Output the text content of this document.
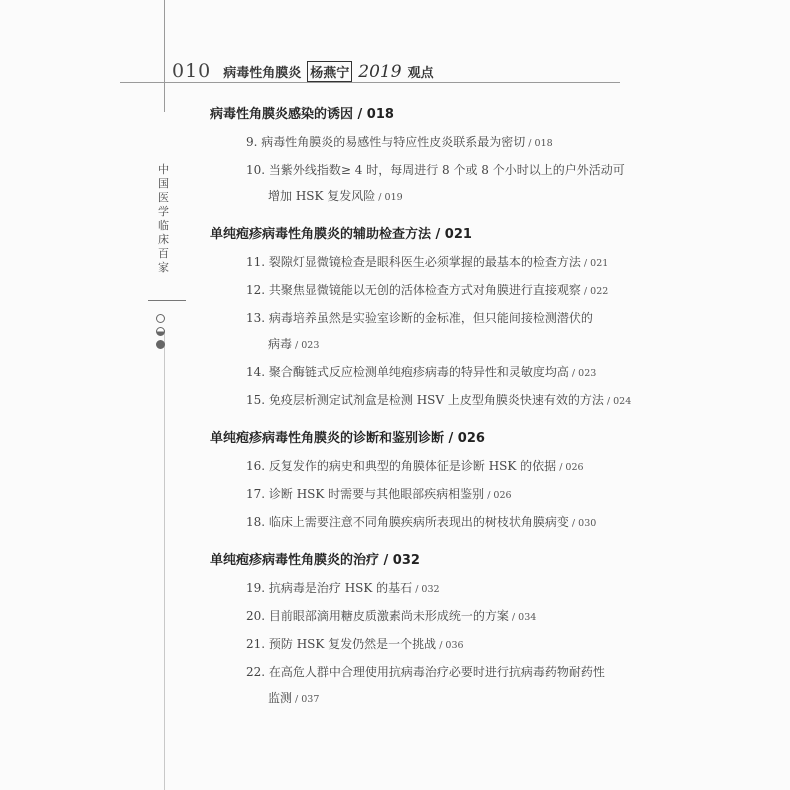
010 病毒性角膜炎 杨燕宁 2019 观点
中国医学临床百家
病毒性角膜炎感染的诱因 / 018
9. 病毒性角膜炎的易感性与特应性皮炎联系最为密切 / 018
10. 当紫外线指数≥ 4 时，每周进行 8 个或 8 个小时以上的户外活动可
增加 HSK 复发风险 / 019
单纯疱疹病毒性角膜炎的辅助检查方法 / 021
11. 裂隙灯显微镜检查是眼科医生必须掌握的最基本的检查方法 / 021
12. 共聚焦显微镜能以无创的活体检查方式对角膜进行直接观察 / 022
13. 病毒培养虽然是实验室诊断的金标准，但只能间接检测潜伏的
病毒 / 023
14. 聚合酶链式反应检测单纯疱疹病毒的特异性和灵敏度均高 / 023
15. 免疫层析测定试剂盒是检测 HSV 上皮型角膜炎快速有效的方法 / 024
单纯疱疹病毒性角膜炎的诊断和鉴别诊断 / 026
16. 反复发作的病史和典型的角膜体征是诊断 HSK 的依据 / 026
17. 诊断 HSK 时需要与其他眼部疾病相鉴别 / 026
18. 临床上需要注意不同角膜疾病所表现出的树枝状角膜病变 / 030
单纯疱疹病毒性角膜炎的治疗 / 032
19. 抗病毒是治疗 HSK 的基石 / 032
20. 目前眼部滴用糖皮质激素尚未形成统一的方案 / 034
21. 预防 HSK 复发仍然是一个挑战 / 036
22. 在高危人群中合理使用抗病毒治疗必要时进行抗病毒药物耐药性
监测 / 037
